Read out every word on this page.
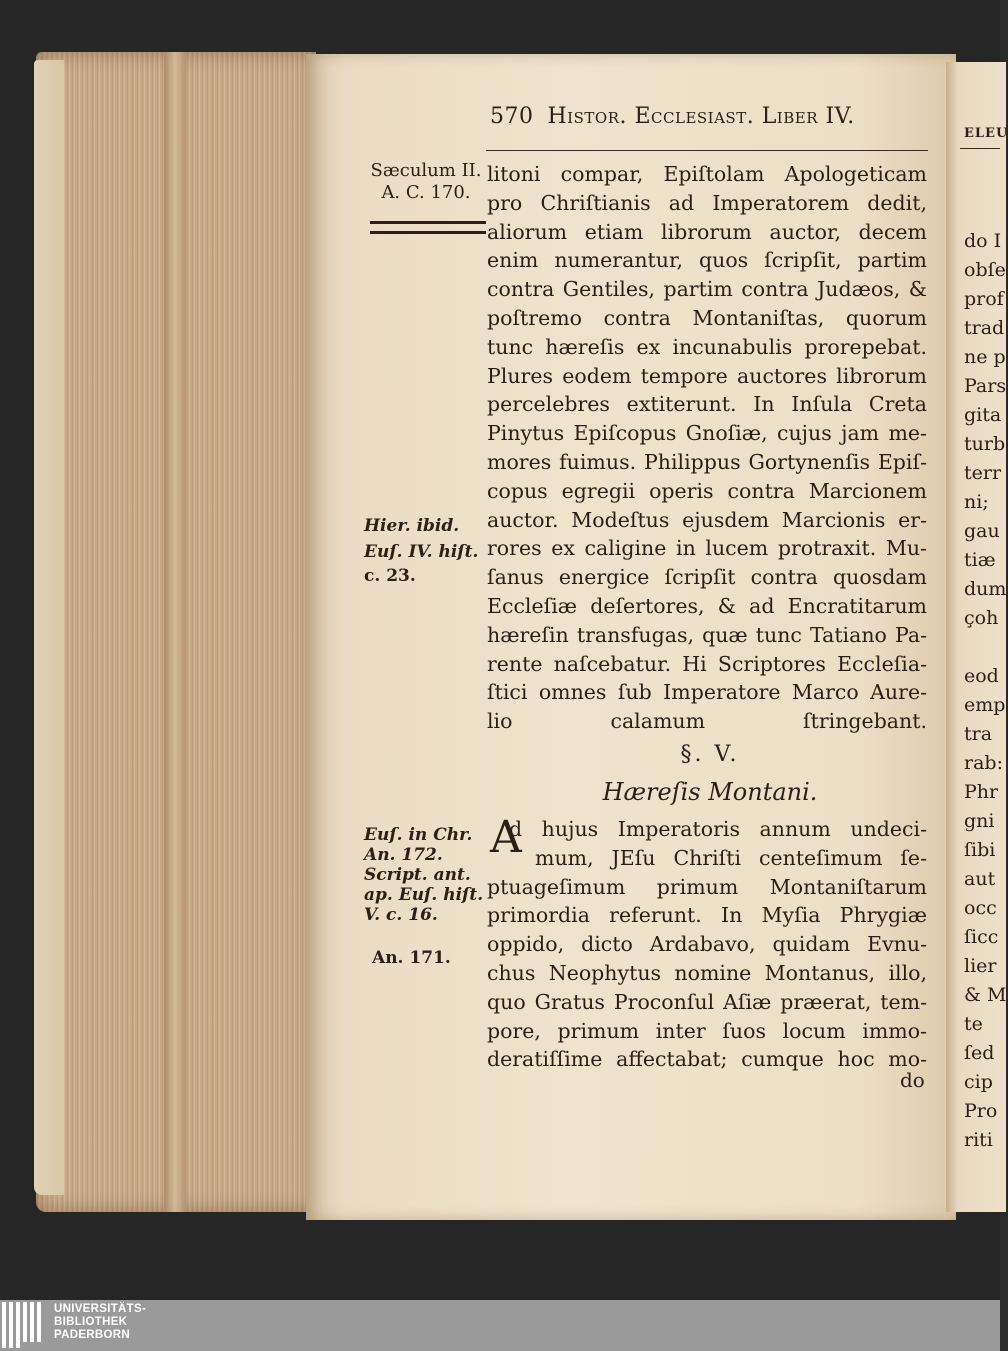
ELEU
do I
obſe
prof
trad
ne p
Pars
gita
turb
terr
ni;
gau
tiæ
dum
çoh
eod
emp
tra
rab:
Phr
gni
ſibi
aut
occ
ſicc
lier
& M
te
ſed
cip
Pro
riti
570 Histor. Ecclesiast. Liber IV.
Sæculum II.
A. C. 170.
litoni compar, Epiſtolam Apologeticam
pro Chriſtianis ad Imperatorem dedit,
aliorum etiam librorum auctor, decem
enim numerantur, quos ſcripſit, partim
contra Gentiles, partim contra Judæos, &
poſtremo contra Montaniſtas, quorum
tunc hæreſis ex incunabulis prorepebat.
Plures eodem tempore auctores librorum
percelebres extiterunt. In Inſula Creta
Pinytus Epiſcopus Gnoſiæ, cujus jam me-
mores fuimus. Philippus Gortynenſis Epiſ-
copus egregii operis contra Marcionem
auctor. Modeſtus ejusdem Marcionis er-
rores ex caligine in lucem protraxit. Mu-
ſanus energice ſcripſit contra quosdam
Eccleſiæ deſertores, & ad Encratitarum
hæreſin transfugas, quæ tunc Tatiano Pa-
rente naſcebatur. Hi Scriptores Eccleſia-
ſtici omnes ſub Imperatore Marco Aure-
lio calamum ſtringebant.
Hier. ibid.
Euſ. IV. hiſt.
c. 23.
§. V.
Hæreſis Montani.
A
d hujus Imperatoris annum undeci-
mum, JEſu Chriſti centeſimum ſe-
ptuageſimum primum Montaniſtarum
primordia referunt. In Myſia Phrygiæ
oppido, dicto Ardabavo, quidam Evnu-
chus Neophytus nomine Montanus, illo,
quo Gratus Proconſul Aſiæ præerat, tem-
pore, primum inter ſuos locum immo-
deratiſſime affectabat; cumque hoc mo-
Euſ. in Chr.
An. 172.
Script. ant.
ap. Euſ. hiſt.
V. c. 16.
An. 171.
do
UNIVERSITÄTS-
BIBLIOTHEK
PADERBORN
